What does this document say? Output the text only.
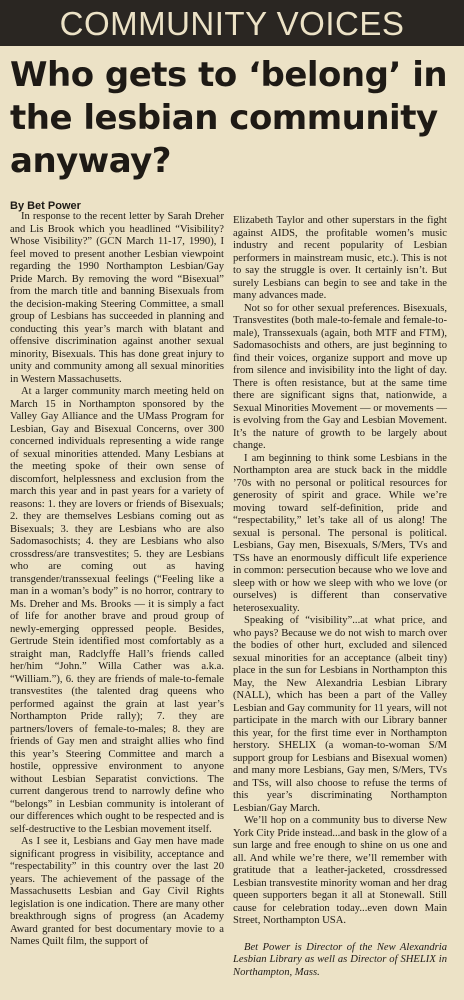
COMMUNITY VOICES
Who gets to ‘belong’ in the lesbian community anyway?
By Bet Power

In response to the recent letter by Sarah Dreher and Lis Brook which you headlined “Visibility? Whose Visibility?” (GCN March 11-17, 1990), I feel moved to present another Lesbian viewpoint regarding the 1990 Northampton Lesbian/Gay Pride March. By removing the word “Bisexual” from the march title and banning Bisexuals from the decision-making Steering Committee, a small group of Lesbians has succeeded in planning and conducting this year’s march with blatant and offensive discrimination against another sexual minority, Bisexuals. This has done great injury to unity and community among all sexual minorities in Western Massachusetts.

At a larger community march meeting held on March 15 in Northampton sponsored by the Valley Gay Alliance and the UMass Program for Lesbian, Gay and Bisexual Concerns, over 300 concerned individuals representing a wide range of sexual minorities attended. Many Lesbians at the meeting spoke of their own sense of discomfort, helplessness and exclusion from the march this year and in past years for a variety of reasons: 1. they are lovers or friends of Bisexuals; 2. they are themselves Lesbians coming out as Bisexuals; 3. they are Lesbians who are also Sadomasochists; 4. they are Lesbians who also crossdress/are transvestites; 5. they are Lesbians who are coming out as having transgender/transsexual feelings (“Feeling like a man in a woman’s body” is no horror, contrary to Ms. Dreher and Ms. Brooks — it is simply a fact of life for another brave and proud group of newly-emerging oppressed people. Besides, Gertrude Stein identified most comfortably as a straight man, Radclyffe Hall’s friends called her/him “John.” Willa Cather was a.k.a. “William.”), 6. they are friends of male-to-female transvestites (the talented drag queens who performed against the grain at last year’s Northampton Pride rally); 7. they are partners/lovers of female-to-males; 8. they are friends of Gay men and straight allies who find this year’s Steering Committee and march a hostile, oppressive environment to anyone without Lesbian Separatist convictions. The current dangerous trend to narrowly define who “belongs” in Lesbian community is intolerant of our differences which ought to be respected and is self-destructive to the Lesbian movement itself.

As I see it, Lesbians and Gay men have made significant progress in visibility, acceptance and “respectability” in this country over the last 20 years. The achievement of the passage of the Massachusetts Lesbian and Gay Civil Rights legislation is one indication. There are many other breakthrough signs of progress (an Academy Award granted for best documentary movie to a Names Quilt film, the support of

Elizabeth Taylor and other superstars in the fight against AIDS, the profitable women’s music industry and recent popularity of Lesbian performers in mainstream music, etc.). This is not to say the struggle is over. It certainly isn’t. But surely Lesbians can begin to see and take in the many advances made.

Not so for other sexual preferences. Bisexuals, Transvestites (both male-to-female and female-to-male), Transsexuals (again, both MTF and FTM), Sadomasochists and others, are just beginning to find their voices, organize support and move up from silence and invisibility into the light of day. There is often resistance, but at the same time there are significant signs that, nationwide, a Sexual Minorities Movement — or movements — is evolving from the Gay and Lesbian Movement. It’s the nature of growth to be largely about change.

I am beginning to think some Lesbians in the Northampton area are stuck back in the middle ’70s with no personal or political resources for generosity of spirit and grace. While we’re moving toward self-definition, pride and “respectability,” let’s take all of us along! The sexual is personal. The personal is political. Lesbians, Gay men, Bisexuals, S/Mers, TVs and TSs have an enormously difficult life experience in common: persecution because who we love and sleep with or how we sleep with who we love (or ourselves) is different than conservative heterosexuality.

Speaking of “visibility”...at what price, and who pays? Because we do not wish to march over the bodies of other hurt, excluded and silenced sexual minorities for an acceptance (albeit tiny) place in the sun for Lesbians in Northampton this May, the New Alexandria Lesbian Library (NALL), which has been a part of the Valley Lesbian and Gay community for 11 years, will not participate in the march with our Library banner this year, for the first time ever in Northampton herstory. SHELIX (a woman-to-woman S/M support group for Lesbians and Bisexual women) and many more Lesbians, Gay men, S/Mers, TVs and TSs, will also choose to refuse the terms of this year’s discriminating Northampton Lesbian/Gay March.

We’ll hop on a community bus to diverse New York City Pride instead...and bask in the glow of a sun large and free enough to shine on us one and all. And while we’re there, we’ll remember with gratitude that a leather-jacketed, crossdressed Lesbian transvestite minority woman and her drag queen supporters began it all at Stonewall. Still cause for celebration today...even down Main Street, Northampton USA.

Bet Power is Director of the New Alexandria Lesbian Library as well as Director of SHELIX in Northampton, Mass.
